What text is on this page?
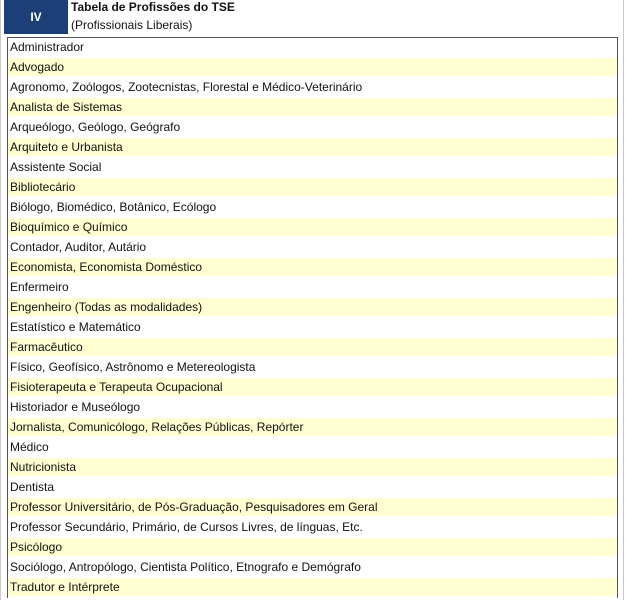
IV
Tabela de Profissões do TSE
(Profissionais Liberais)
Administrador
Advogado
Agronomo, Zoólogos, Zootecnistas, Florestal e Médico-Veterinário
Analista de Sistemas
Arqueólogo, Geólogo, Geógrafo
Arquiteto e Urbanista
Assistente Social
Bibliotecário
Biólogo, Biomédico, Botânico, Ecólogo
Bioquímico e Químico
Contador, Auditor, Autário
Economista, Economista Doméstico
Enfermeiro
Engenheiro (Todas as modalidades)
Estatístico e Matemático
Farmacêutico
Físico, Geofísico, Astrônomo e Metereologista
Fisioterapeuta e Terapeuta Ocupacional
Historiador e Museólogo
Jornalista, Comunicólogo, Relações Públicas, Repórter
Médico
Nutricionista
Dentista
Professor Universitário, de Pós-Graduação, Pesquisadores em Geral
Professor Secundário, Primário, de Cursos Livres, de línguas, Etc.
Psicólogo
Sociólogo, Antropólogo, Cientista Político, Etnografo e Demógrafo
Tradutor e Intérprete
